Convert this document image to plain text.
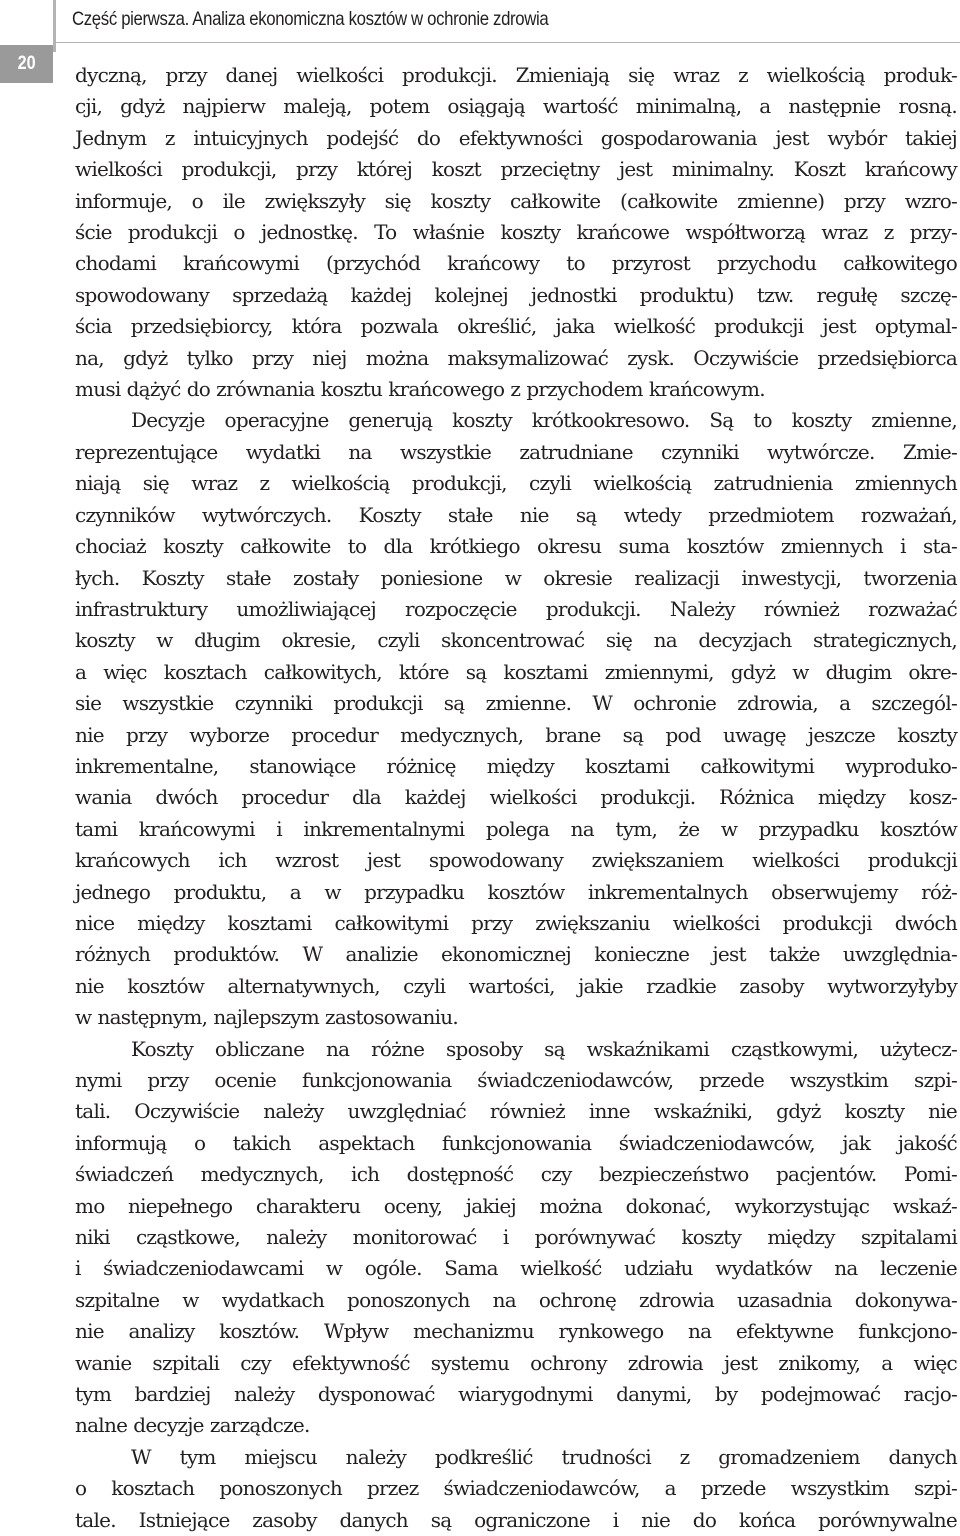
Część pierwsza. Analiza ekonomiczna kosztów w ochronie zdrowia
20 dyczną, przy danej wielkości produkcji. Zmieniają się wraz z wielkością produk-
cji, gdyż najpierw maleją, potem osiągają wartość minimalną, a następnie rosną.
Jednym z intuicyjnych podejść do efektywności gospodarowania jest wybór takiej
wielkości produkcji, przy której koszt przeciętny jest minimalny. Koszt krańcowy
informuje, o ile zwiększyły się koszty całkowite (całkowite zmienne) przy wzro-
ście produkcji o jednostkę. To właśnie koszty krańcowe współtworzą wraz z przy-
chodami krańcowymi (przychód krańcowy to przyrost przychodu całkowitego
spowodowany sprzedażą każdej kolejnej jednostki produktu) tzw. regułę szczę-
ścia przedsiębiorcy, która pozwala określić, jaka wielkość produkcji jest optymal-
na, gdyż tylko przy niej można maksymalizować zysk. Oczywiście przedsiębiorca
musi dążyć do zrównania kosztu krańcowego z przychodem krańcowym.

Decyzje operacyjne generują koszty krótkookresowo. Są to koszty zmienne,
reprezentujące wydatki na wszystkie zatrudniane czynniki wytwórcze. Zmie-
niają się wraz z wielkością produkcji, czyli wielkością zatrudnienia zmiennych
czynników wytwórczych. Koszty stałe nie są wtedy przedmiotem rozważań,
chociaż koszty całkowite to dla krótkiego okresu suma kosztów zmiennych i sta-
łych. Koszty stałe zostały poniesione w okresie realizacji inwestycji, tworzenia
infrastruktury umożliwiającej rozpoczęcie produkcji. Należy również rozważać
koszty w długim okresie, czyli skoncentrować się na decyzjach strategicznych,
a więc kosztach całkowitych, które są kosztami zmiennymi, gdyż w długim okre-
sie wszystkie czynniki produkcji są zmienne. W ochronie zdrowia, a szczegól-
nie przy wyborze procedur medycznych, brane są pod uwagę jeszcze koszty
inkrementalne, stanowiące różnicę między kosztami całkowitymi wyproduko-
wania dwóch procedur dla każdej wielkości produkcji. Różnica między kosz-
tami krańcowymi i inkrementalnymi polega na tym, że w przypadku kosztów
krańcowych ich wzrost jest spowodowany zwiększaniem wielkości produkcji
jednego produktu, a w przypadku kosztów inkrementalnych obserwujemy róż-
nice między kosztami całkowitymi przy zwiększaniu wielkości produkcji dwóch
różnych produktów. W analizie ekonomicznej konieczne jest także uwzględnia-
nie kosztów alternatywnych, czyli wartości, jakie rzadkie zasoby wytworzyłyby
w następnym, najlepszym zastosowaniu.

Koszty obliczane na różne sposoby są wskaźnikami cząstkowymi, użytecz-
nymi przy ocenie funkcjonowania świadczeniodawców, przede wszystkim szpi-
tali. Oczywiście należy uwzględniać również inne wskaźniki, gdyż koszty nie
informują o takich aspektach funkcjonowania świadczeniodawców, jak jakość
świadczeń medycznych, ich dostępność czy bezpieczeństwo pacjentów. Pomi-
mo niepełnego charakteru oceny, jakiej można dokonać, wykorzystując wskaź-
niki cząstkowe, należy monitorować i porównywać koszty między szpitalami
i świadczeniodawcami w ogóle. Sama wielkość udziału wydatków na leczenie
szpitalne w wydatkach ponoszonych na ochronę zdrowia uzasadnia dokonywa-
nie analizy kosztów. Wpływ mechanizmu rynkowego na efektywne funkcjono-
wanie szpitali czy efektywność systemu ochrony zdrowia jest znikomy, a więc
tym bardziej należy dysponować wiarygodnymi danymi, by podejmować racjo-
nalne decyzje zarządcze.

W tym miejscu należy podkreślić trudności z gromadzeniem danych
o kosztach ponoszonych przez świadczeniodawców, a przede wszystkim szpi-
tale. Istniejące zasoby danych są ograniczone i nie do końca porównywalne
